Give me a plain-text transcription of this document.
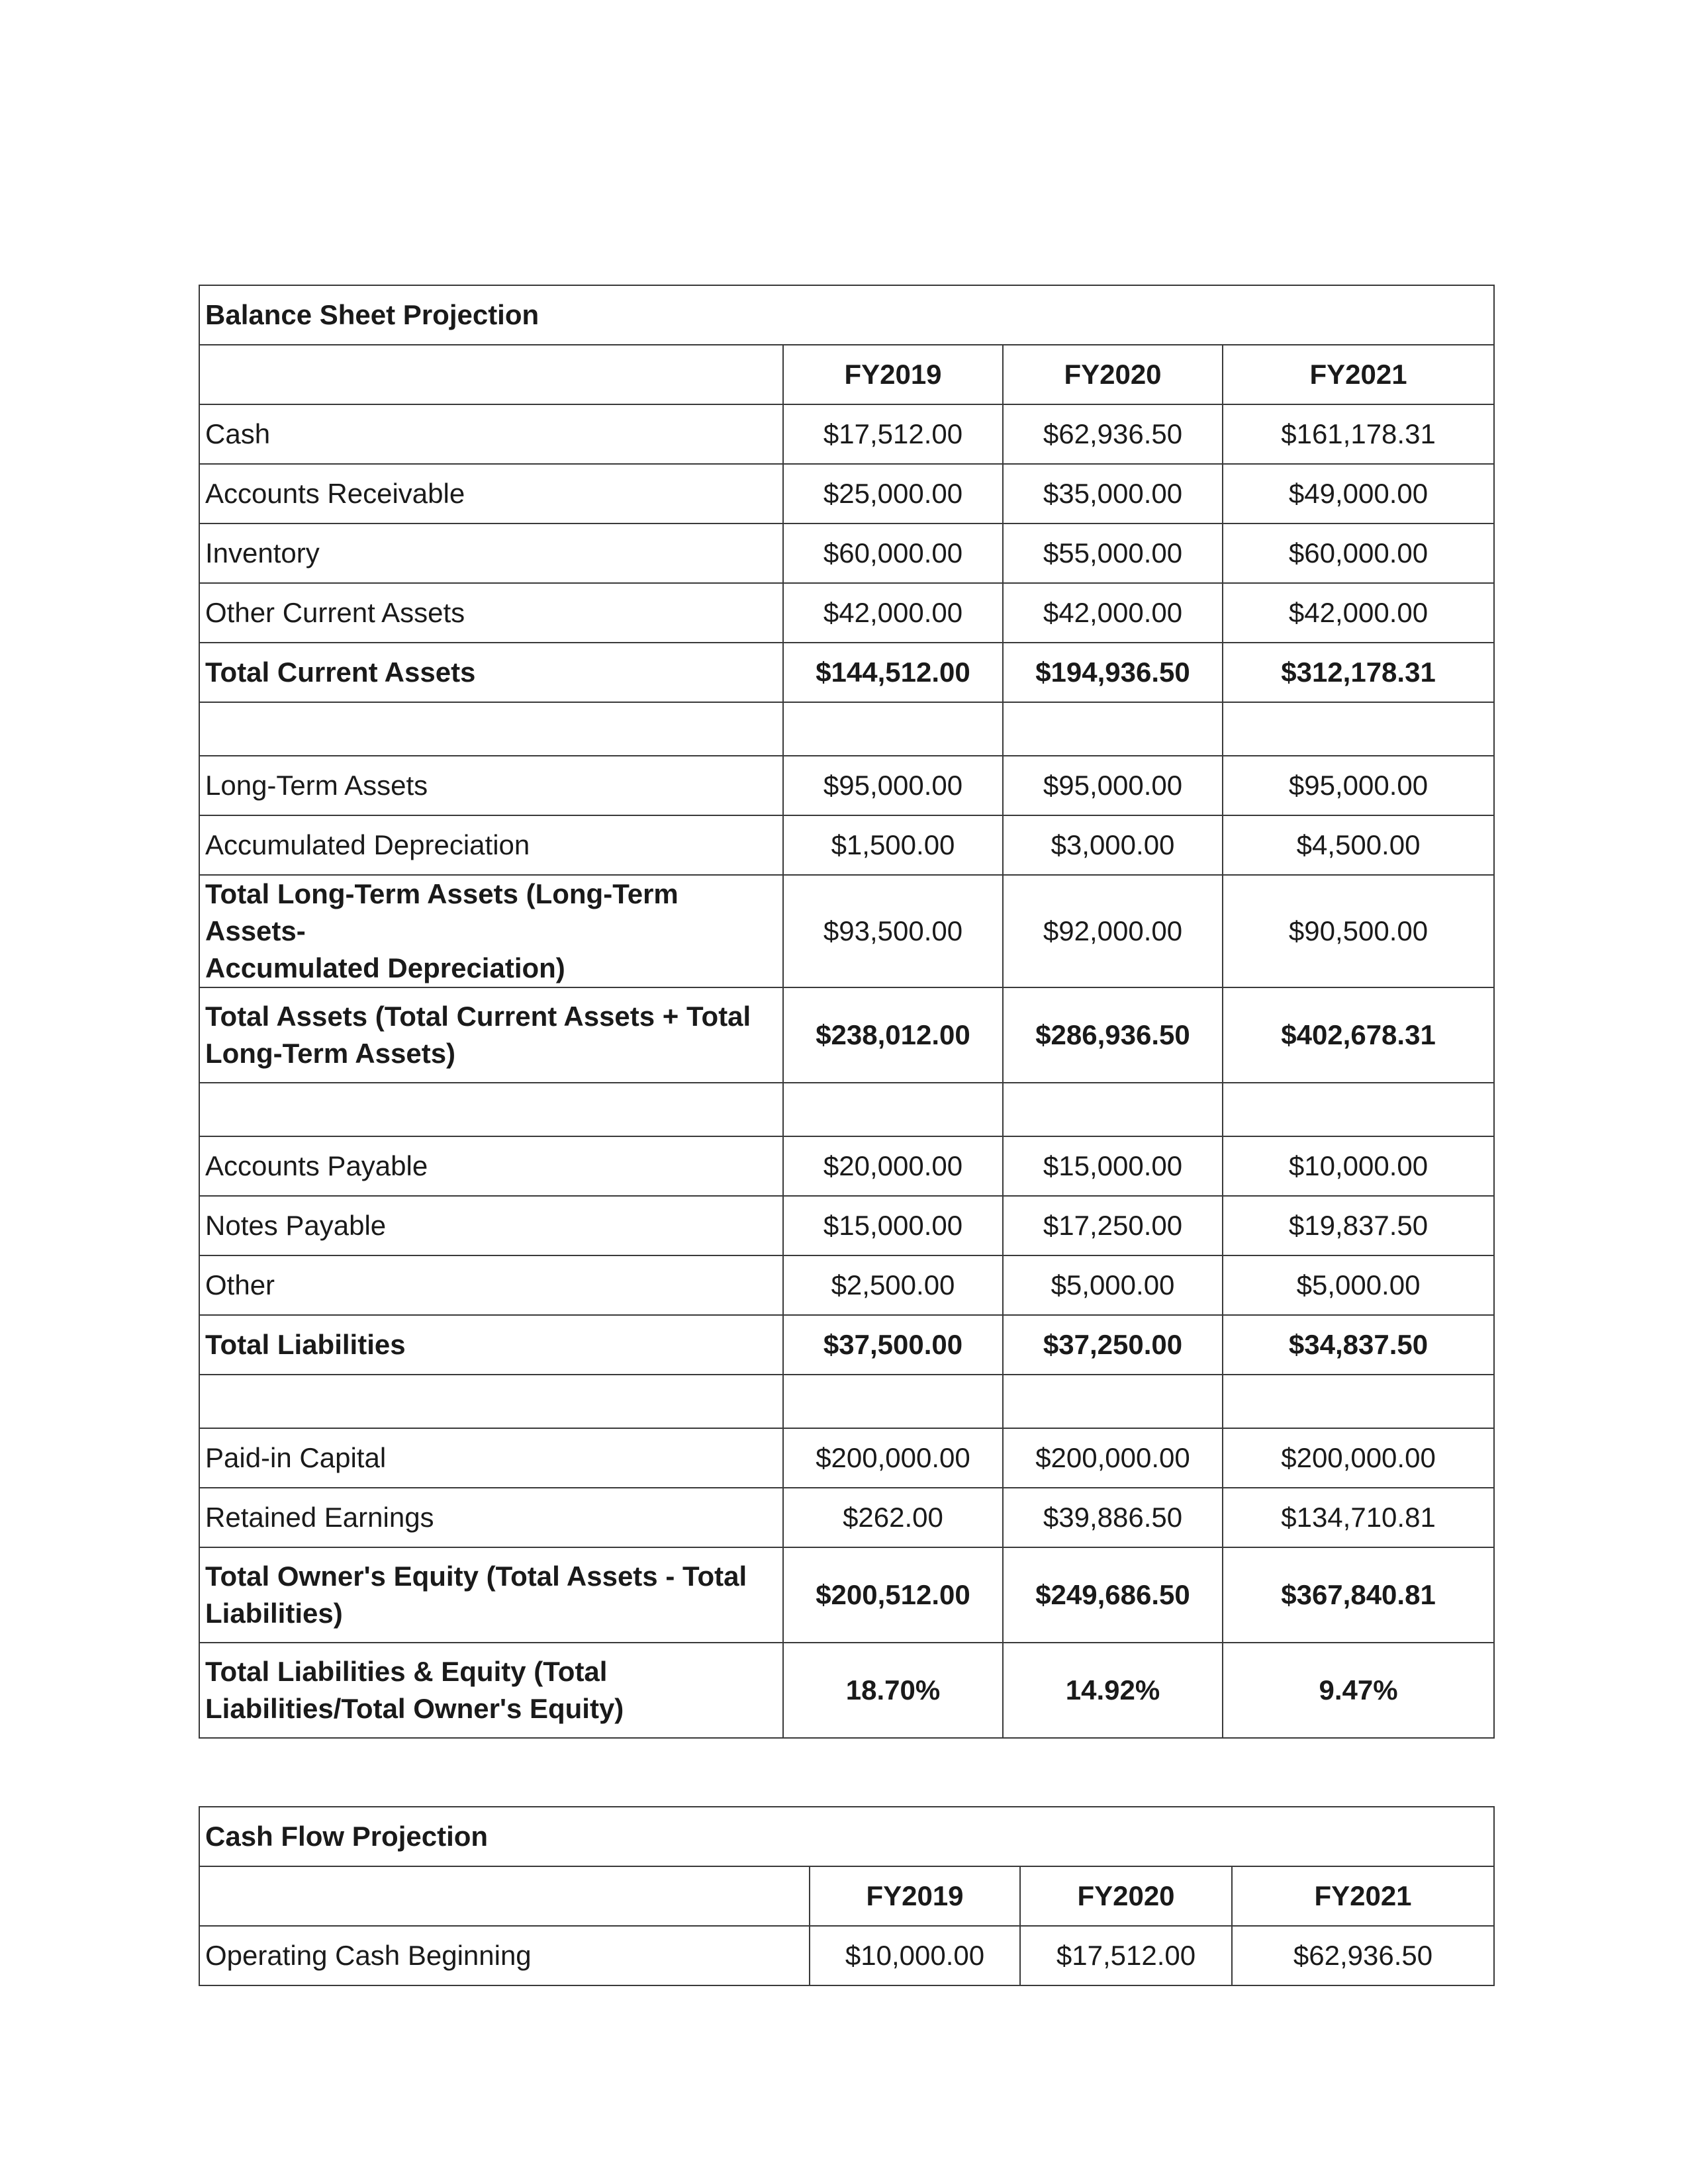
Balance Sheet Projection			
	FY2019	FY2020	FY2021
Cash	$17,512.00	$62,936.50	$161,178.31
Accounts Receivable	$25,000.00	$35,000.00	$49,000.00
Inventory	$60,000.00	$55,000.00	$60,000.00
Other Current Assets	$42,000.00	$42,000.00	$42,000.00
Total Current Assets	$144,512.00	$194,936.50	$312,178.31

Long-Term Assets	$95,000.00	$95,000.00	$95,000.00
Accumulated Depreciation	$1,500.00	$3,000.00	$4,500.00
Total Long-Term Assets (Long-Term Assets-
Accumulated Depreciation)	$93,500.00	$92,000.00	$90,500.00
Total Assets (Total Current Assets + Total
Long-Term Assets)	$238,012.00	$286,936.50	$402,678.31

Accounts Payable	$20,000.00	$15,000.00	$10,000.00
Notes Payable	$15,000.00	$17,250.00	$19,837.50
Other	$2,500.00	$5,000.00	$5,000.00
Total Liabilities	$37,500.00	$37,250.00	$34,837.50

Paid-in Capital	$200,000.00	$200,000.00	$200,000.00
Retained Earnings	$262.00	$39,886.50	$134,710.81
Total Owner's Equity (Total Assets - Total
Liabilities)	$200,512.00	$249,686.50	$367,840.81
Total Liabilities & Equity (Total
Liabilities/Total Owner's Equity)	18.70%	14.92%	9.47%
Cash Flow Projection			
	FY2019	FY2020	FY2021
Operating Cash Beginning	$10,000.00	$17,512.00	$62,936.50
